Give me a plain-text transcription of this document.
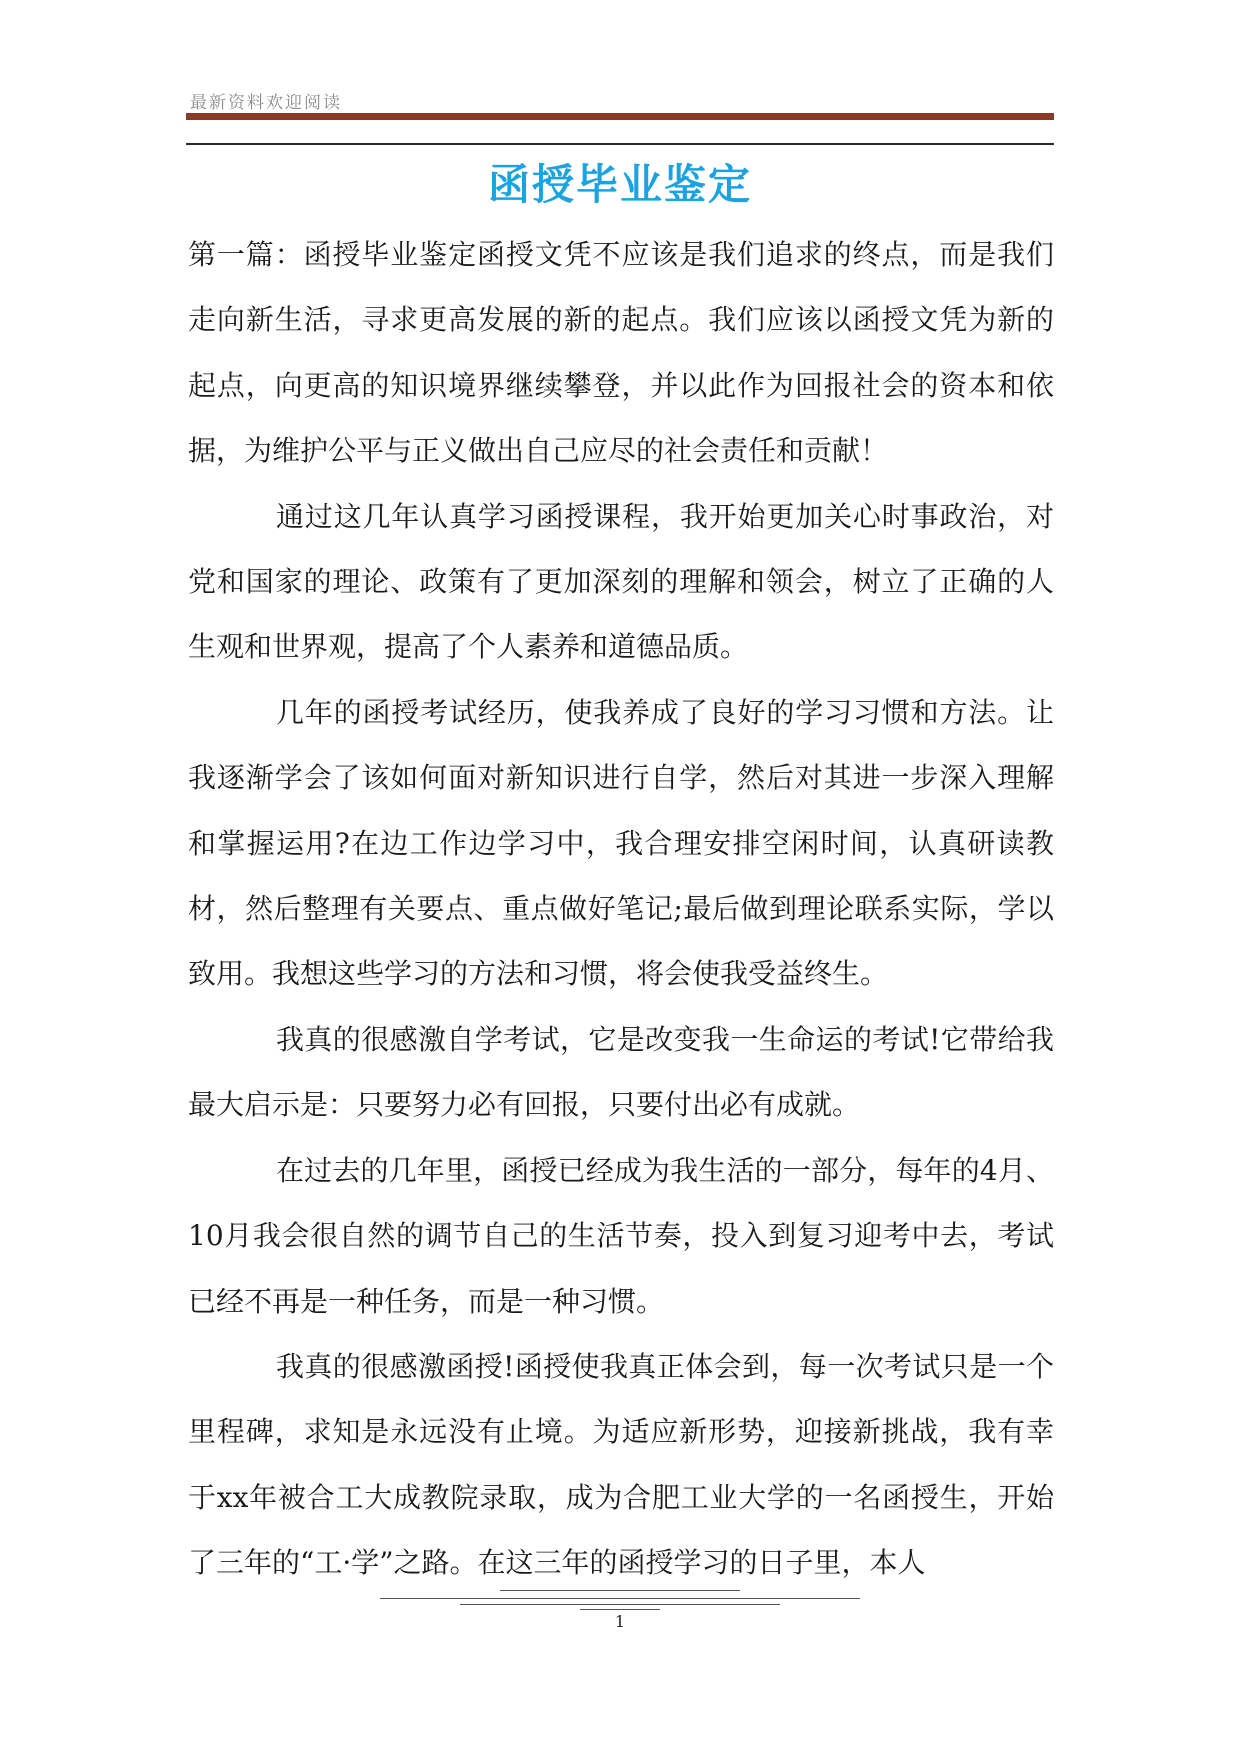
最新资料欢迎阅读
函授毕业鉴定

第一篇：函授毕业鉴定函授文凭不应该是我们追求的终点，而是我们走向新生活，寻求更高发展的新的起点。我们应该以函授文凭为新的起点，向更高的知识境界继续攀登，并以此作为回报社会的资本和依据，为维护公平与正义做出自己应尽的社会责任和贡献！

通过这几年认真学习函授课程，我开始更加关心时事政治，对党和国家的理论、政策有了更加深刻的理解和领会，树立了正确的人生观和世界观，提高了个人素养和道德品质。

几年的函授考试经历，使我养成了良好的学习习惯和方法。让我逐渐学会了该如何面对新知识进行自学，然后对其进一步深入理解和掌握运用?在边工作边学习中，我合理安排空闲时间，认真研读教材，然后整理有关要点、重点做好笔记;最后做到理论联系实际，学以致用。我想这些学习的方法和习惯，将会使我受益终生。

我真的很感激自学考试，它是改变我一生命运的考试!它带给我最大启示是：只要努力必有回报，只要付出必有成就。

在过去的几年里，函授已经成为我生活的一部分，每年的4月、10月我会很自然的调节自己的生活节奏，投入到复习迎考中去，考试已经不再是一种任务，而是一种习惯。

我真的很感激函授!函授使我真正体会到，每一次考试只是一个里程碑，求知是永远没有止境。为适应新形势，迎接新挑战，我有幸于xx年被合工大成教院录取，成为合肥工业大学的一名函授生，开始了三年的“工·学”之路。在这三年的函授学习的日子里，本人

1
